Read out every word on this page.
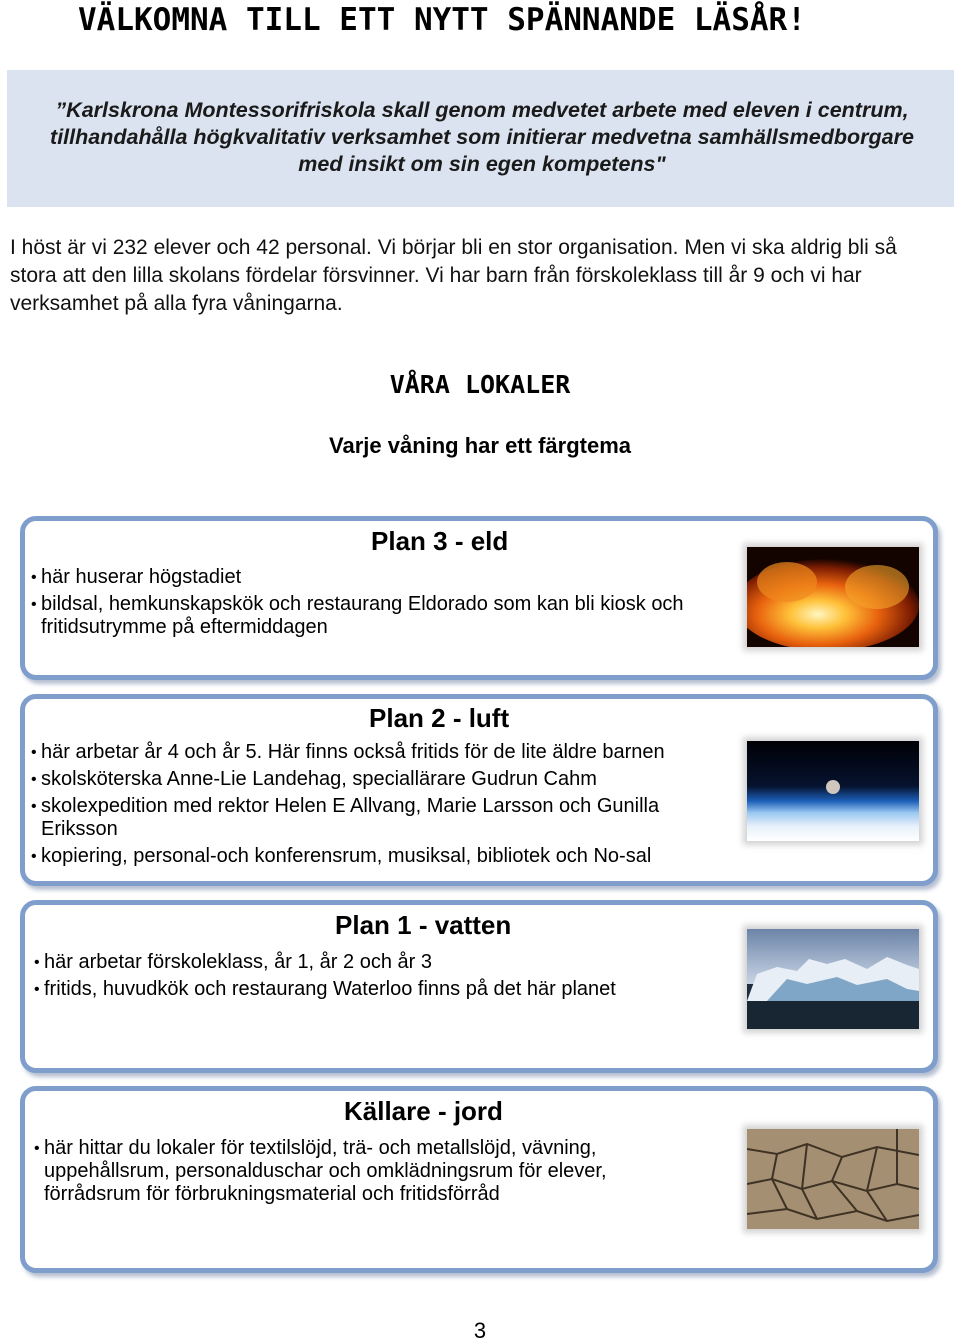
VÄLKOMNA TILL ETT NYTT SPÄNNANDE LÄSÅR!
”Karlskrona Montessorifriskola skall genom medvetet arbete med eleven i centrum, tillhandahålla högkvalitativ verksamhet som initierar medvetna samhällsmedborgare med insikt om sin egen kompetens"
I höst är vi 232 elever och 42 personal. Vi börjar bli en stor organisation. Men vi ska aldrig bli så stora att den lilla skolans fördelar försvinner. Vi har barn från förskoleklass till år 9 och vi har verksamhet på alla fyra våningarna.
VÅRA LOKALER
Varje våning har ett färgtema
Plan 3 - eld
• här huserar högstadiet
• bildsal, hemkunskapskök och restaurang Eldorado som kan bli kiosk och fritidsutrymme på eftermiddagen
Plan 2 - luft
• här arbetar år 4 och år 5. Här finns också fritids för de lite äldre barnen
• skolsköterska Anne-Lie Landehag, speciallärare Gudrun Cahm
• skolexpedition med rektor Helen E Allvang, Marie Larsson och Gunilla Eriksson
• kopiering, personal-och konferensrum, musiksal, bibliotek och No-sal
Plan 1 - vatten
• här arbetar förskoleklass, år 1, år 2 och år 3
• fritids, huvudkök och restaurang Waterloo finns på det här planet
Källare - jord
• här hittar du lokaler för textilslöjd, trä- och metallslöjd, vävning, uppehållsrum, personalduschar och omklädningsrum för elever, förrådsrum för förbrukningsmaterial och fritidsförråd
3
